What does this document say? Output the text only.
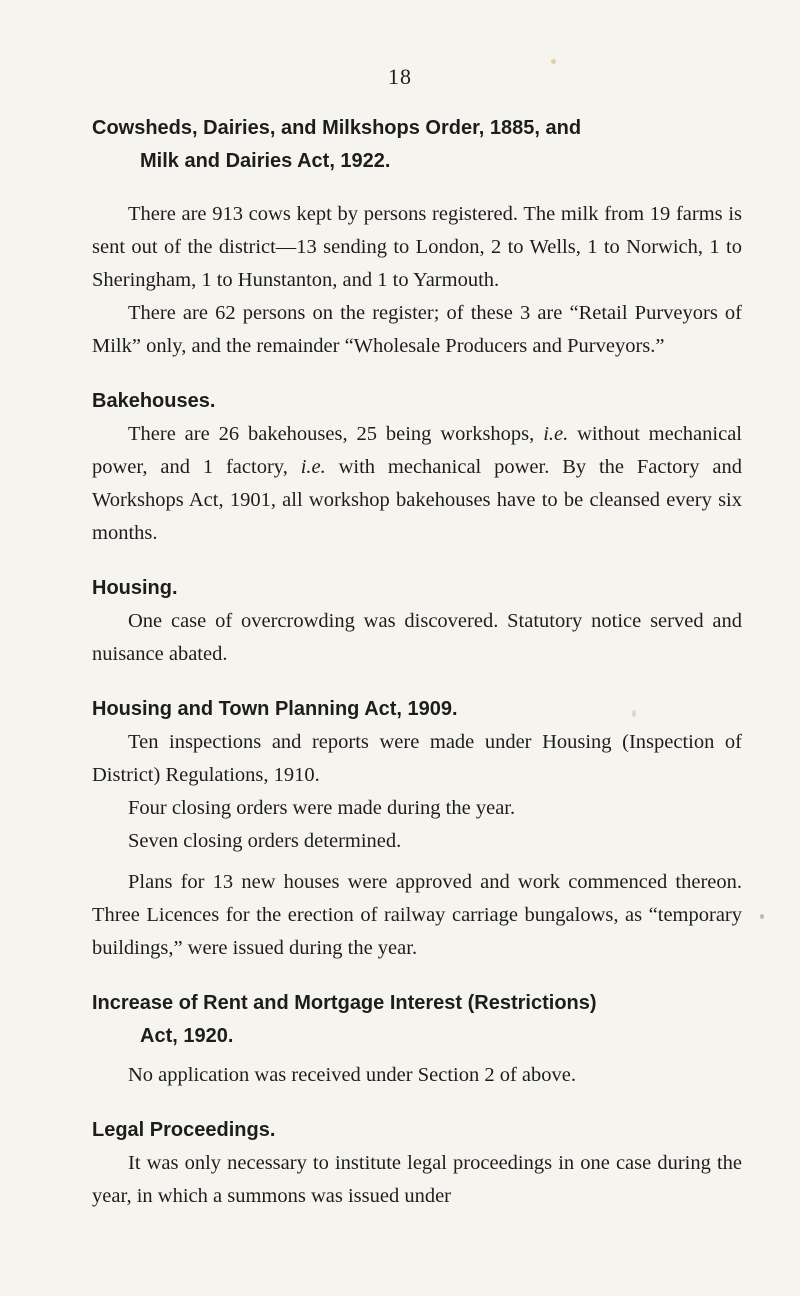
18
Cowsheds, Dairies, and Milkshops Order, 1885, and
Milk and Dairies Act, 1922.

There are 913 cows kept by persons registered. The milk from 19 farms is sent out of the district—13 sending to London, 2 to Wells, 1 to Norwich, 1 to Sheringham, 1 to Hunstanton, and 1 to Yarmouth.

There are 62 persons on the register; of these 3 are “Retail Purveyors of Milk” only, and the remainder “Wholesale Producers and Purveyors.”

Bakehouses.

There are 26 bakehouses, 25 being workshops, i.e. without mechanical power, and 1 factory, i.e. with mechanical power. By the Factory and Workshops Act, 1901, all workshop bakehouses have to be cleansed every six months.

Housing.

One case of overcrowding was discovered. Statutory notice served and nuisance abated.

Housing and Town Planning Act, 1909.

Ten inspections and reports were made under Housing (Inspection of District) Regulations, 1910.

Four closing orders were made during the year.

Seven closing orders determined.

Plans for 13 new houses were approved and work commenced thereon. Three Licences for the erection of railway carriage bungalows, as “temporary buildings,” were issued during the year.

Increase of Rent and Mortgage Interest (Restrictions)
Act, 1920.

No application was received under Section 2 of above.

Legal Proceedings.

It was only necessary to institute legal proceedings in one case during the year, in which a summons was issued under
